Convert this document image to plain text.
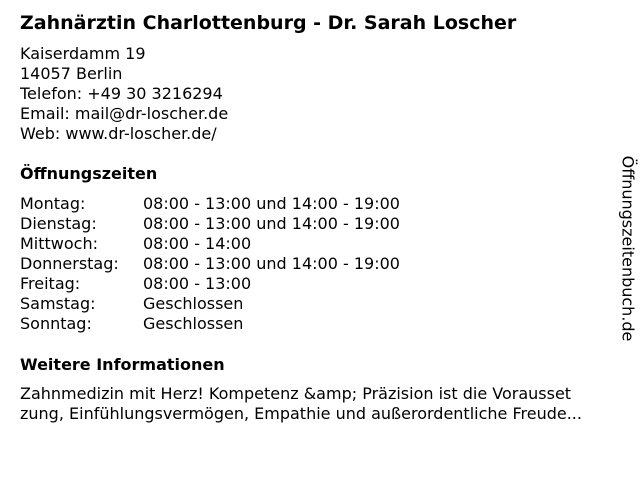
Zahnärztin Charlottenburg - Dr. Sarah Loscher
Kaiserdamm 19
14057 Berlin
Telefon: +49 30 3216294
Email: mail@dr-loscher.de
Web: www.dr-loscher.de/
Öffnungszeiten
Montag:	08:00 - 13:00 und 14:00 - 19:00
Dienstag:	08:00 - 13:00 und 14:00 - 19:00
Mittwoch:	08:00 - 14:00
Donnerstag:	08:00 - 13:00 und 14:00 - 19:00
Freitag:	08:00 - 13:00
Samstag:	Geschlossen
Sonntag:	Geschlossen
Weitere Informationen
Zahnmedizin mit Herz! Kompetenz &amp; Präzision ist die Vorausset
zung, Einfühlungsvermögen, Empathie und außerordentliche Freude...
Öffnungszeitenbuch.de
